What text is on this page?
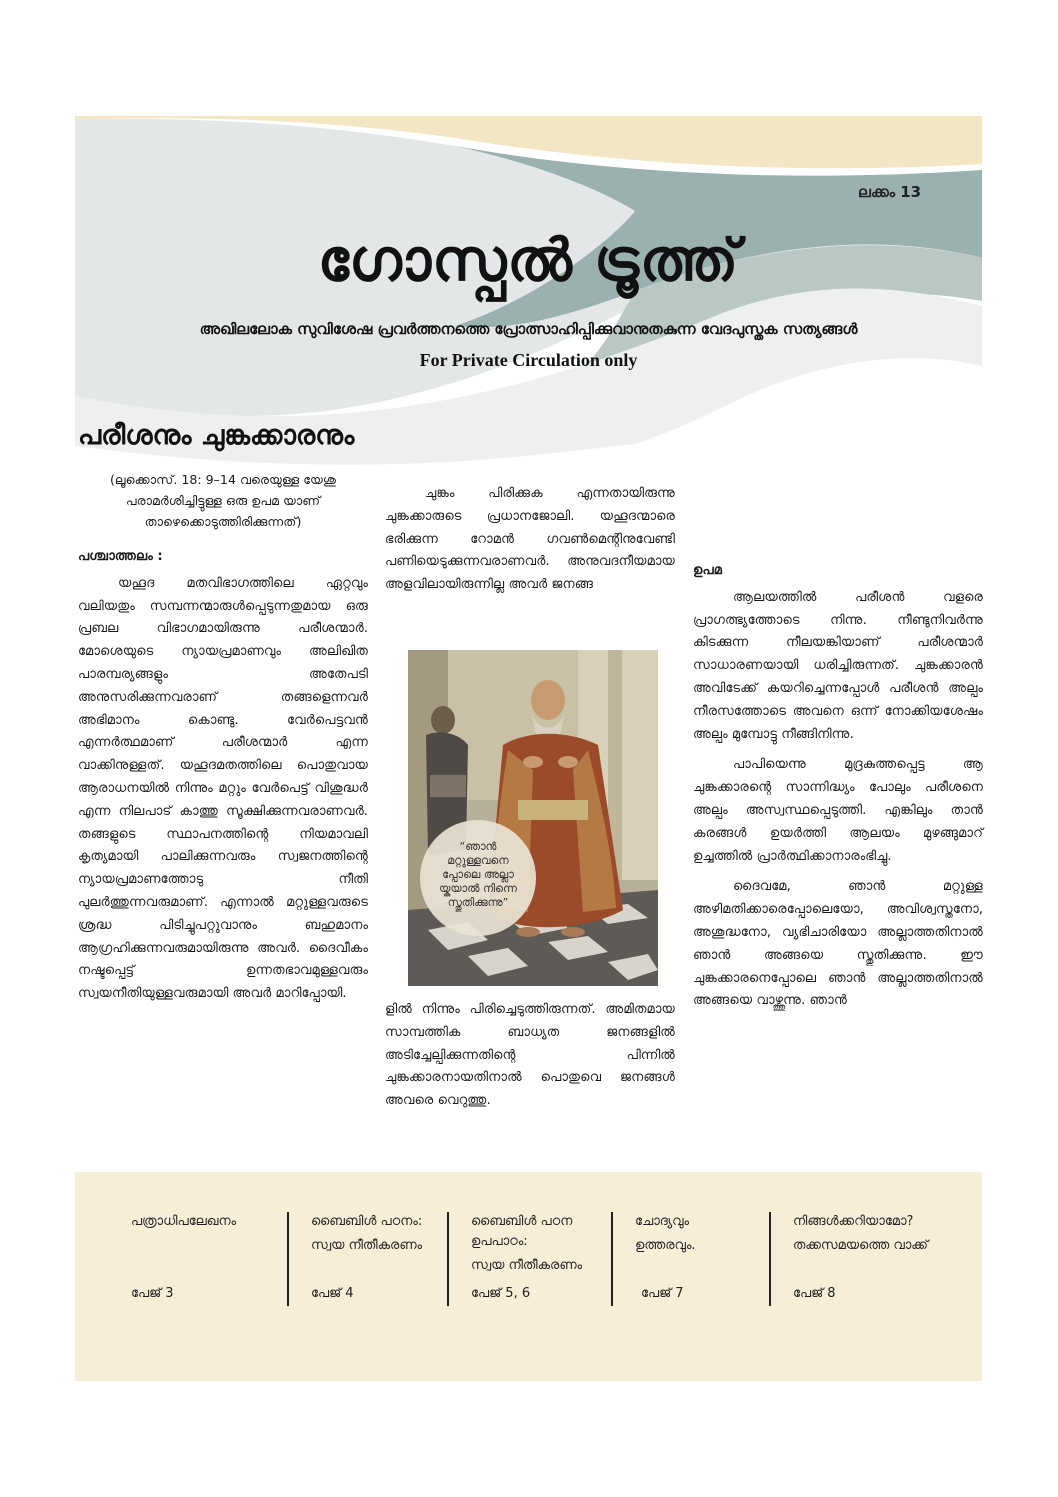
ലക്കം 13
ഗോസ്പൽ ട്രൂത്ത്
അഖിലലോക സുവിശേഷ പ്രവർത്തനത്തെ പ്രോത്സാഹിപ്പിക്കുവാനുതകുന്ന വേദപുസ്തക സത്യങ്ങൾ
For Private Circulation only
പരീശനും ചുങ്കക്കാരനും

(ലൂക്കൊസ്. 18: 9–14 വരെയുള്ള യേശു പരാമർശിച്ചിട്ടുള്ള ഒരു ഉപമ യാണ് താഴെക്കൊടുത്തിരിക്കുന്നത്)

പശ്ചാത്തലം :

യഹൂദ മതവിഭാഗത്തിലെ ഏറ്റവും വലിയതും സമ്പന്നന്മാരുൾപ്പെടുന്നതുമായ ഒരു പ്രബല വിഭാഗമായിരുന്നു പരീശന്മാർ. മോശെയുടെ ന്യായപ്രമാണവും അലിഖിത പാരമ്പര്യങ്ങളും അതേപടി അനുസരിക്കുന്നവരാണ് തങ്ങളെന്നവർ അഭിമാനം കൊണ്ടു. വേർപെട്ടവൻ എന്നർത്ഥമാണ് പരീശന്മാർ എന്ന വാക്കിനുള്ളത്. യഹൂദമതത്തിലെ പൊതുവായ ആരാധനയിൽ നിന്നും മറ്റും വേർപെട്ട് വിശുദ്ധർ എന്ന നിലപാട് കാത്തു സൂക്ഷിക്കുന്നവരാണവർ. തങ്ങളുടെ സ്ഥാപനത്തിന്റെ നിയമാവലി കൃത്യമായി പാലിക്കുന്നവരും സ്വജനത്തിന്റെ ന്യായപ്രമാണത്തോടു നീതി പുലർത്തുന്നവരുമാണ്. എന്നാൽ മറ്റുള്ളവരുടെ ശ്രദ്ധ പിടിച്ചുപറ്റുവാനും ബഹുമാനം ആഗ്രഹിക്കുന്നവരുമായിരുന്നു അവർ. ദൈവീകം നഷ്ടപ്പെട്ട് ഉന്നതഭാവമുള്ളവരും സ്വയനീതിയുള്ളവരുമായി അവർ മാറിപ്പോയി.

ചുങ്കം പിരിക്കുക എന്നതായിരുന്നു ചുങ്കക്കാരുടെ പ്രധാനജോലി. യഹൂദന്മാരെ ഭരിക്കുന്ന റോമൻ ഗവൺമെന്റിനുവേണ്ടി പണിയെടുക്കുന്നവരാണവർ. അനുവദനീയമായ അളവിലായിരുന്നില്ല അവർ ജനങ്ങ

“ഞാൻ മറ്റുള്ളവനെ പ്പോലെ അല്ലാ യ്കയാൽ നിന്നെ സ്തുതിക്കുന്നു”

ളിൽ നിന്നും പിരിച്ചെടുത്തിരുന്നത്. അമിതമായ സാമ്പത്തിക ബാധ്യത ജനങ്ങളിൽ അടിച്ചേല്പിക്കുന്നതിന്റെ പിന്നിൽ ചുങ്കക്കാരനായതിനാൽ പൊതുവെ ജനങ്ങൾ അവരെ വെറുത്തു.

ഉപമ

ആലയത്തിൽ പരീശൻ വളരെ പ്രാഗത്ഭ്യത്തോടെ നിന്നു. നീണ്ടുനിവർന്നു കിടക്കുന്ന നീലയങ്കിയാണ് പരീശന്മാർ സാധാരണയായി ധരിച്ചിരുന്നത്. ചുങ്കക്കാരൻ അവിടേക്ക് കയറിച്ചെന്നപ്പോൾ പരീശൻ അല്പം നീരസത്തോടെ അവനെ ഒന്ന് നോക്കിയശേഷം അല്പം മുമ്പോട്ടു നീങ്ങിനിന്നു.

പാപിയെന്നു മുദ്രകുത്തപ്പെട്ട ആ ചുങ്കക്കാരന്റെ സാന്നിദ്ധ്യം പോലും പരീശനെ അല്പം അസ്വസ്ഥപ്പെടുത്തി. എങ്കിലും താൻ കരങ്ങൾ ഉയർത്തി ആലയം മുഴങ്ങുമാറ് ഉച്ചത്തിൽ പ്രാർത്ഥിക്കാനാരംഭിച്ചു.

ദൈവമേ, ഞാൻ മറ്റുള്ള അഴിമതിക്കാരെപ്പോലെയോ, അവിശ്വസ്തനോ, അശുദ്ധനോ, വ്യഭിചാരിയോ അല്ലാത്തതിനാൽ ഞാൻ അങ്ങയെ സ്തുതിക്കുന്നു. ഈ ചുങ്കക്കാരനെപ്പോലെ ഞാൻ അല്ലാത്തതിനാൽ അങ്ങയെ വാഴ്ത്തുന്നു. ഞാൻ

പത്രാധിപലേഖനം
പേജ് 3
ബൈബിൾ പഠനം:
സ്വയ നീതീകരണം
പേജ് 4
ബൈബിൾ പഠന ഉപപാഠം:
സ്വയ നീതീകരണം
പേജ് 5, 6
ചോദ്യവും
ഉത്തരവും.
പേജ് 7
നിങ്ങൾക്കറിയാമോ?
തക്കസമയത്തെ വാക്ക്
പേജ് 8
